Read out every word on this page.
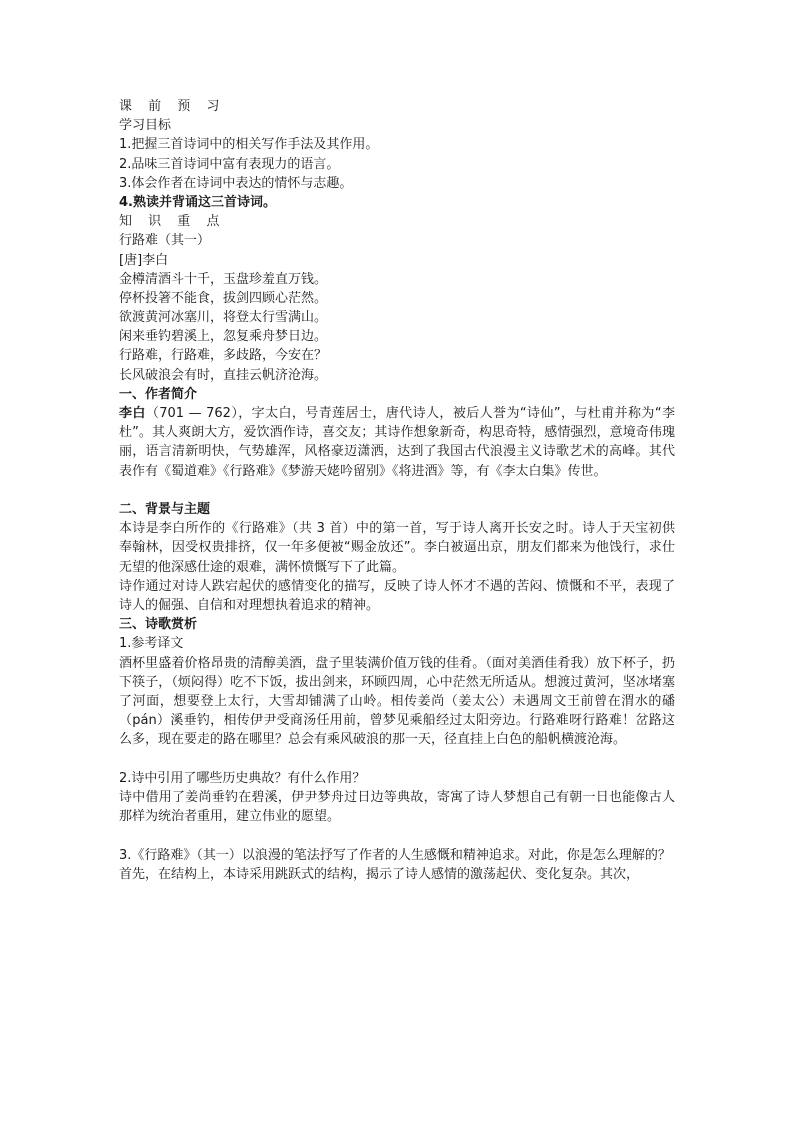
课 前 预 习
学习目标
1.把握三首诗词中的相关写作手法及其作用。
2.品味三首诗词中富有表现力的语言。
3.体会作者在诗词中表达的情怀与志趣。
4.熟读并背诵这三首诗词。
知 识 重 点
行路难（其一）
[唐]李白
金樽清酒斗十千，玉盘珍羞直万钱。
停杯投箸不能食，拔剑四顾心茫然。
欲渡黄河冰塞川，将登太行雪满山。
闲来垂钓碧溪上，忽复乘舟梦日边。
行路难，行路难，多歧路，今安在？
长风破浪会有时，直挂云帆济沧海。
一、作者简介
李白（701 — 762），字太白，号青莲居士，唐代诗人，被后人誉为“诗仙”，与杜甫并称为“李杜”。其人爽朗大方，爱饮酒作诗，喜交友；其诗作想象新奇，构思奇特，感情强烈，意境奇伟瑰丽，语言清新明快，气势雄浑，风格豪迈潇洒，达到了我国古代浪漫主义诗歌艺术的高峰。其代表作有《蜀道难》《行路难》《梦游天姥吟留别》《将进酒》等，有《李太白集》传世。
二、背景与主题
本诗是李白所作的《行路难》（共 3 首）中的第一首，写于诗人离开长安之时。诗人于天宝初供奉翰林，因受权贵排挤，仅一年多便被“赐金放还”。李白被逼出京，朋友们都来为他饯行，求仕无望的他深感仕途的艰难，满怀愤慨写下了此篇。
诗作通过对诗人跌宕起伏的感情变化的描写，反映了诗人怀才不遇的苦闷、愤慨和不平，表现了诗人的倔强、自信和对理想执着追求的精神。
三、诗歌赏析
1.参考译文
酒杯里盛着价格昂贵的清醇美酒，盘子里装满价值万钱的佳肴。（面对美酒佳肴我）放下杯子，扔下筷子，（烦闷得）吃不下饭，拔出剑来，环顾四周，心中茫然无所适从。想渡过黄河，坚冰堵塞了河面，想要登上太行，大雪却铺满了山岭。相传姜尚（姜太公）未遇周文王前曾在渭水的磻（pán）溪垂钓，相传伊尹受商汤任用前，曾梦见乘船经过太阳旁边。行路难呀行路难！岔路这么多，现在要走的路在哪里？总会有乘风破浪的那一天，径直挂上白色的船帆横渡沧海。
2.诗中引用了哪些历史典故？有什么作用？
诗中借用了姜尚垂钓在碧溪，伊尹梦舟过日边等典故，寄寓了诗人梦想自己有朝一日也能像古人那样为统治者重用，建立伟业的愿望。
3.《行路难》（其一）以浪漫的笔法抒写了作者的人生感慨和精神追求。对此，你是怎么理解的？
首先，在结构上，本诗采用跳跃式的结构，揭示了诗人感情的激荡起伏、变化复杂。其次，
